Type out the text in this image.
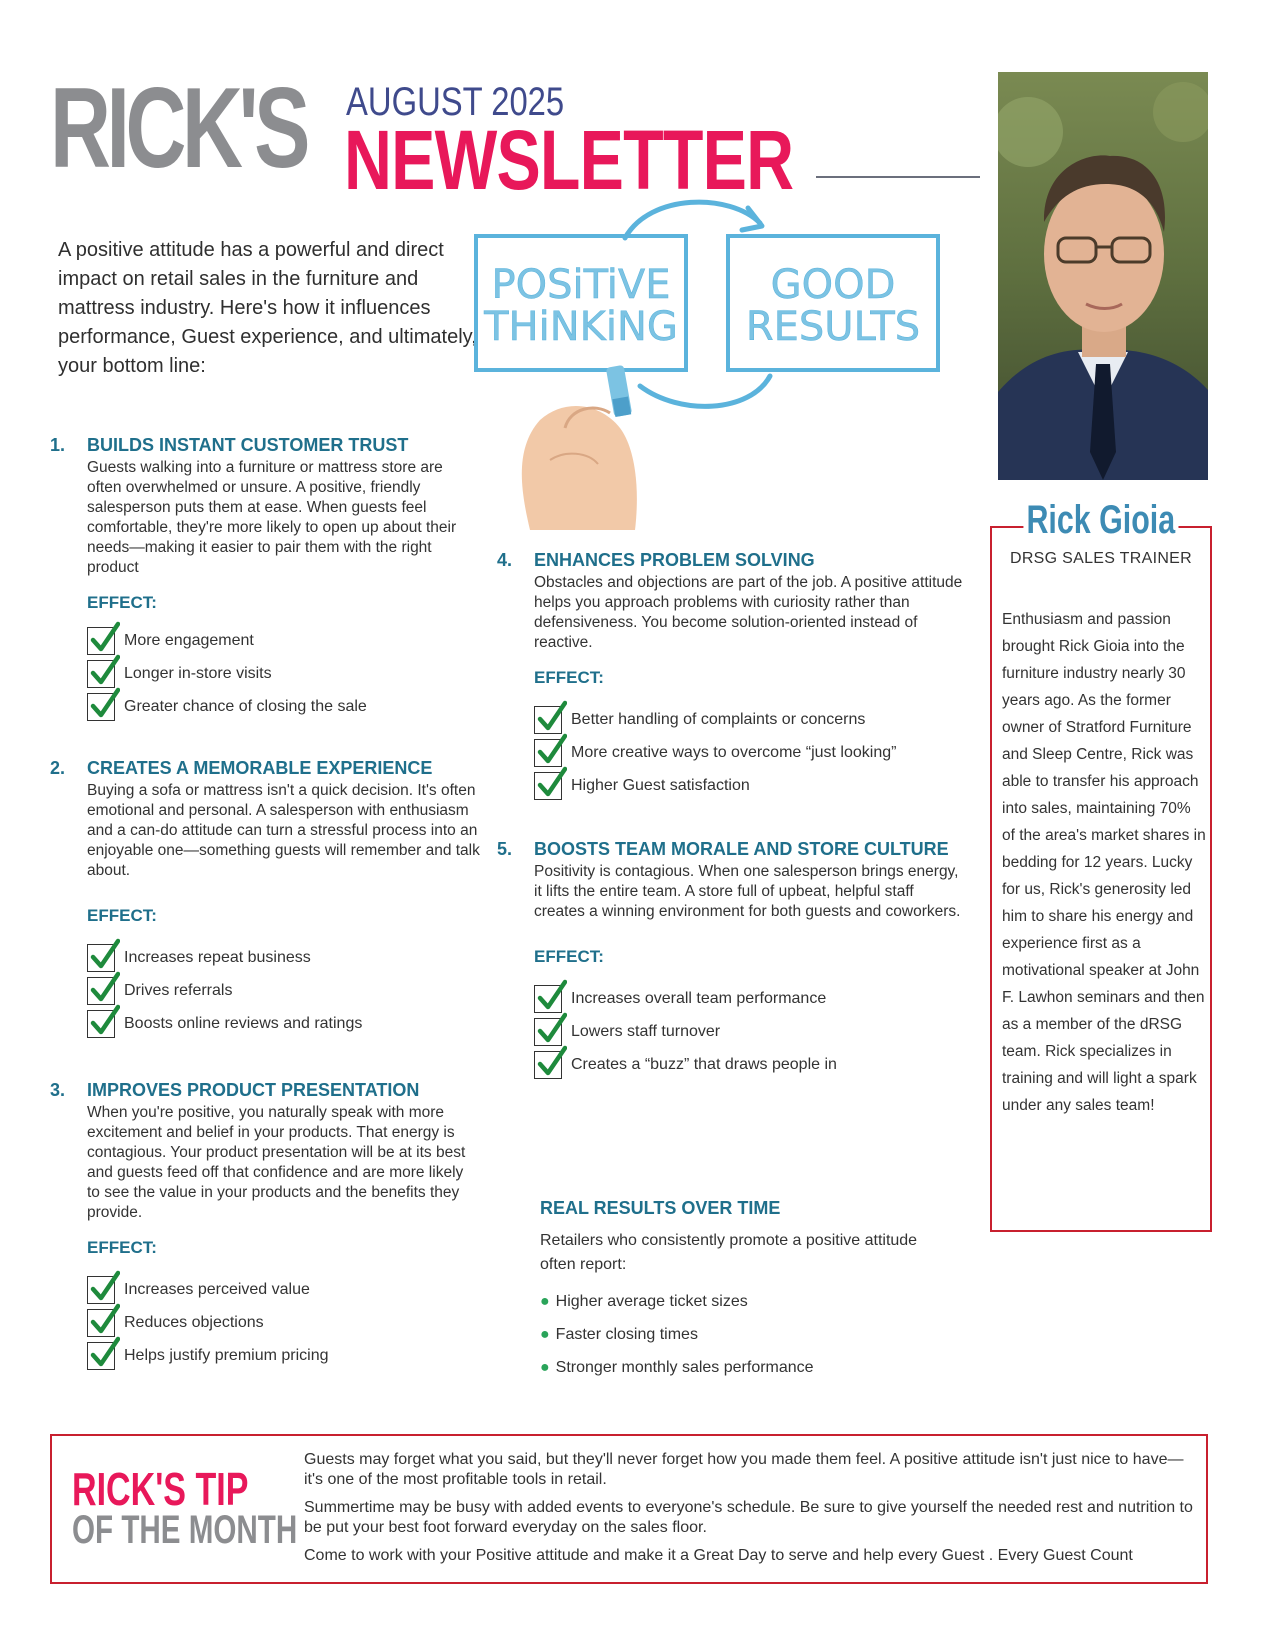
RICK'S AUGUST 2025
NEWSLETTER
A positive attitude has a powerful and direct impact on retail sales in the furniture and mattress industry. Here's how it influences performance, Guest experience, and ultimately, your bottom line:
POSiTiVE
THiNKiNG
GOOD
RESULTS
1.	BUILDS INSTANT CUSTOMER TRUST
Guests walking into a furniture or mattress store are often overwhelmed or unsure. A positive, friendly salesperson puts them at ease. When guests feel comfortable, they're more likely to open up about their needs—making it easier to pair them with the right product
EFFECT:
More engagement
Longer in-store visits
Greater chance of closing the sale
2.	CREATES A MEMORABLE EXPERIENCE
Buying a sofa or mattress isn't a quick decision. It's often emotional and personal. A salesperson with enthusiasm and a can-do attitude can turn a stressful process into an enjoyable one—something guests will remember and talk about.
EFFECT:
Increases repeat business
Drives referrals
Boosts online reviews and ratings
3.	IMPROVES PRODUCT PRESENTATION
When you're positive, you naturally speak with more excitement and belief in your products. That energy is contagious. Your product presentation will be at its best and guests feed off that confidence and are more likely to see the value in your products and the benefits they provide.
EFFECT:
Increases perceived value
Reduces objections
Helps justify premium pricing
4.	ENHANCES PROBLEM SOLVING
Obstacles and objections are part of the job. A positive attitude helps you approach problems with curiosity rather than defensiveness. You become solution-oriented instead of reactive.
EFFECT:
Better handling of complaints or concerns
More creative ways to overcome “just looking”
Higher Guest satisfaction
5.	BOOSTS TEAM MORALE AND STORE CULTURE
Positivity is contagious. When one salesperson brings energy, it lifts the entire team. A store full of upbeat, helpful staff creates a winning environment for both guests and coworkers.
EFFECT:
Increases overall team performance
Lowers staff turnover
Creates a “buzz” that draws people in
REAL RESULTS OVER TIME
Retailers who consistently promote a positive attitude often report:
● Higher average ticket sizes
● Faster closing times
● Stronger monthly sales performance
Rick Gioia
DRSG SALES TRAINER
Enthusiasm and passion brought Rick Gioia into the furniture industry nearly 30 years ago. As the former owner of Stratford Furniture and Sleep Centre, Rick was able to transfer his approach into sales, maintaining 70% of the area's market shares in bedding for 12 years. Lucky for us, Rick's generosity led him to share his energy and experience first as a motivational speaker at John F. Lawhon seminars and then as a member of the dRSG team. Rick specializes in training and will light a spark under any sales team!
RICK'S TIP
OF THE MONTH

Guests may forget what you said, but they'll never forget how you made them feel. A positive attitude isn't just nice to have—it's one of the most profitable tools in retail.

Summertime may be busy with added events to everyone's schedule. Be sure to give yourself the needed rest and nutrition to be put your best foot forward everyday on the sales floor.

Come to work with your Positive attitude and make it a Great Day to serve and help every Guest . Every Guest Count
